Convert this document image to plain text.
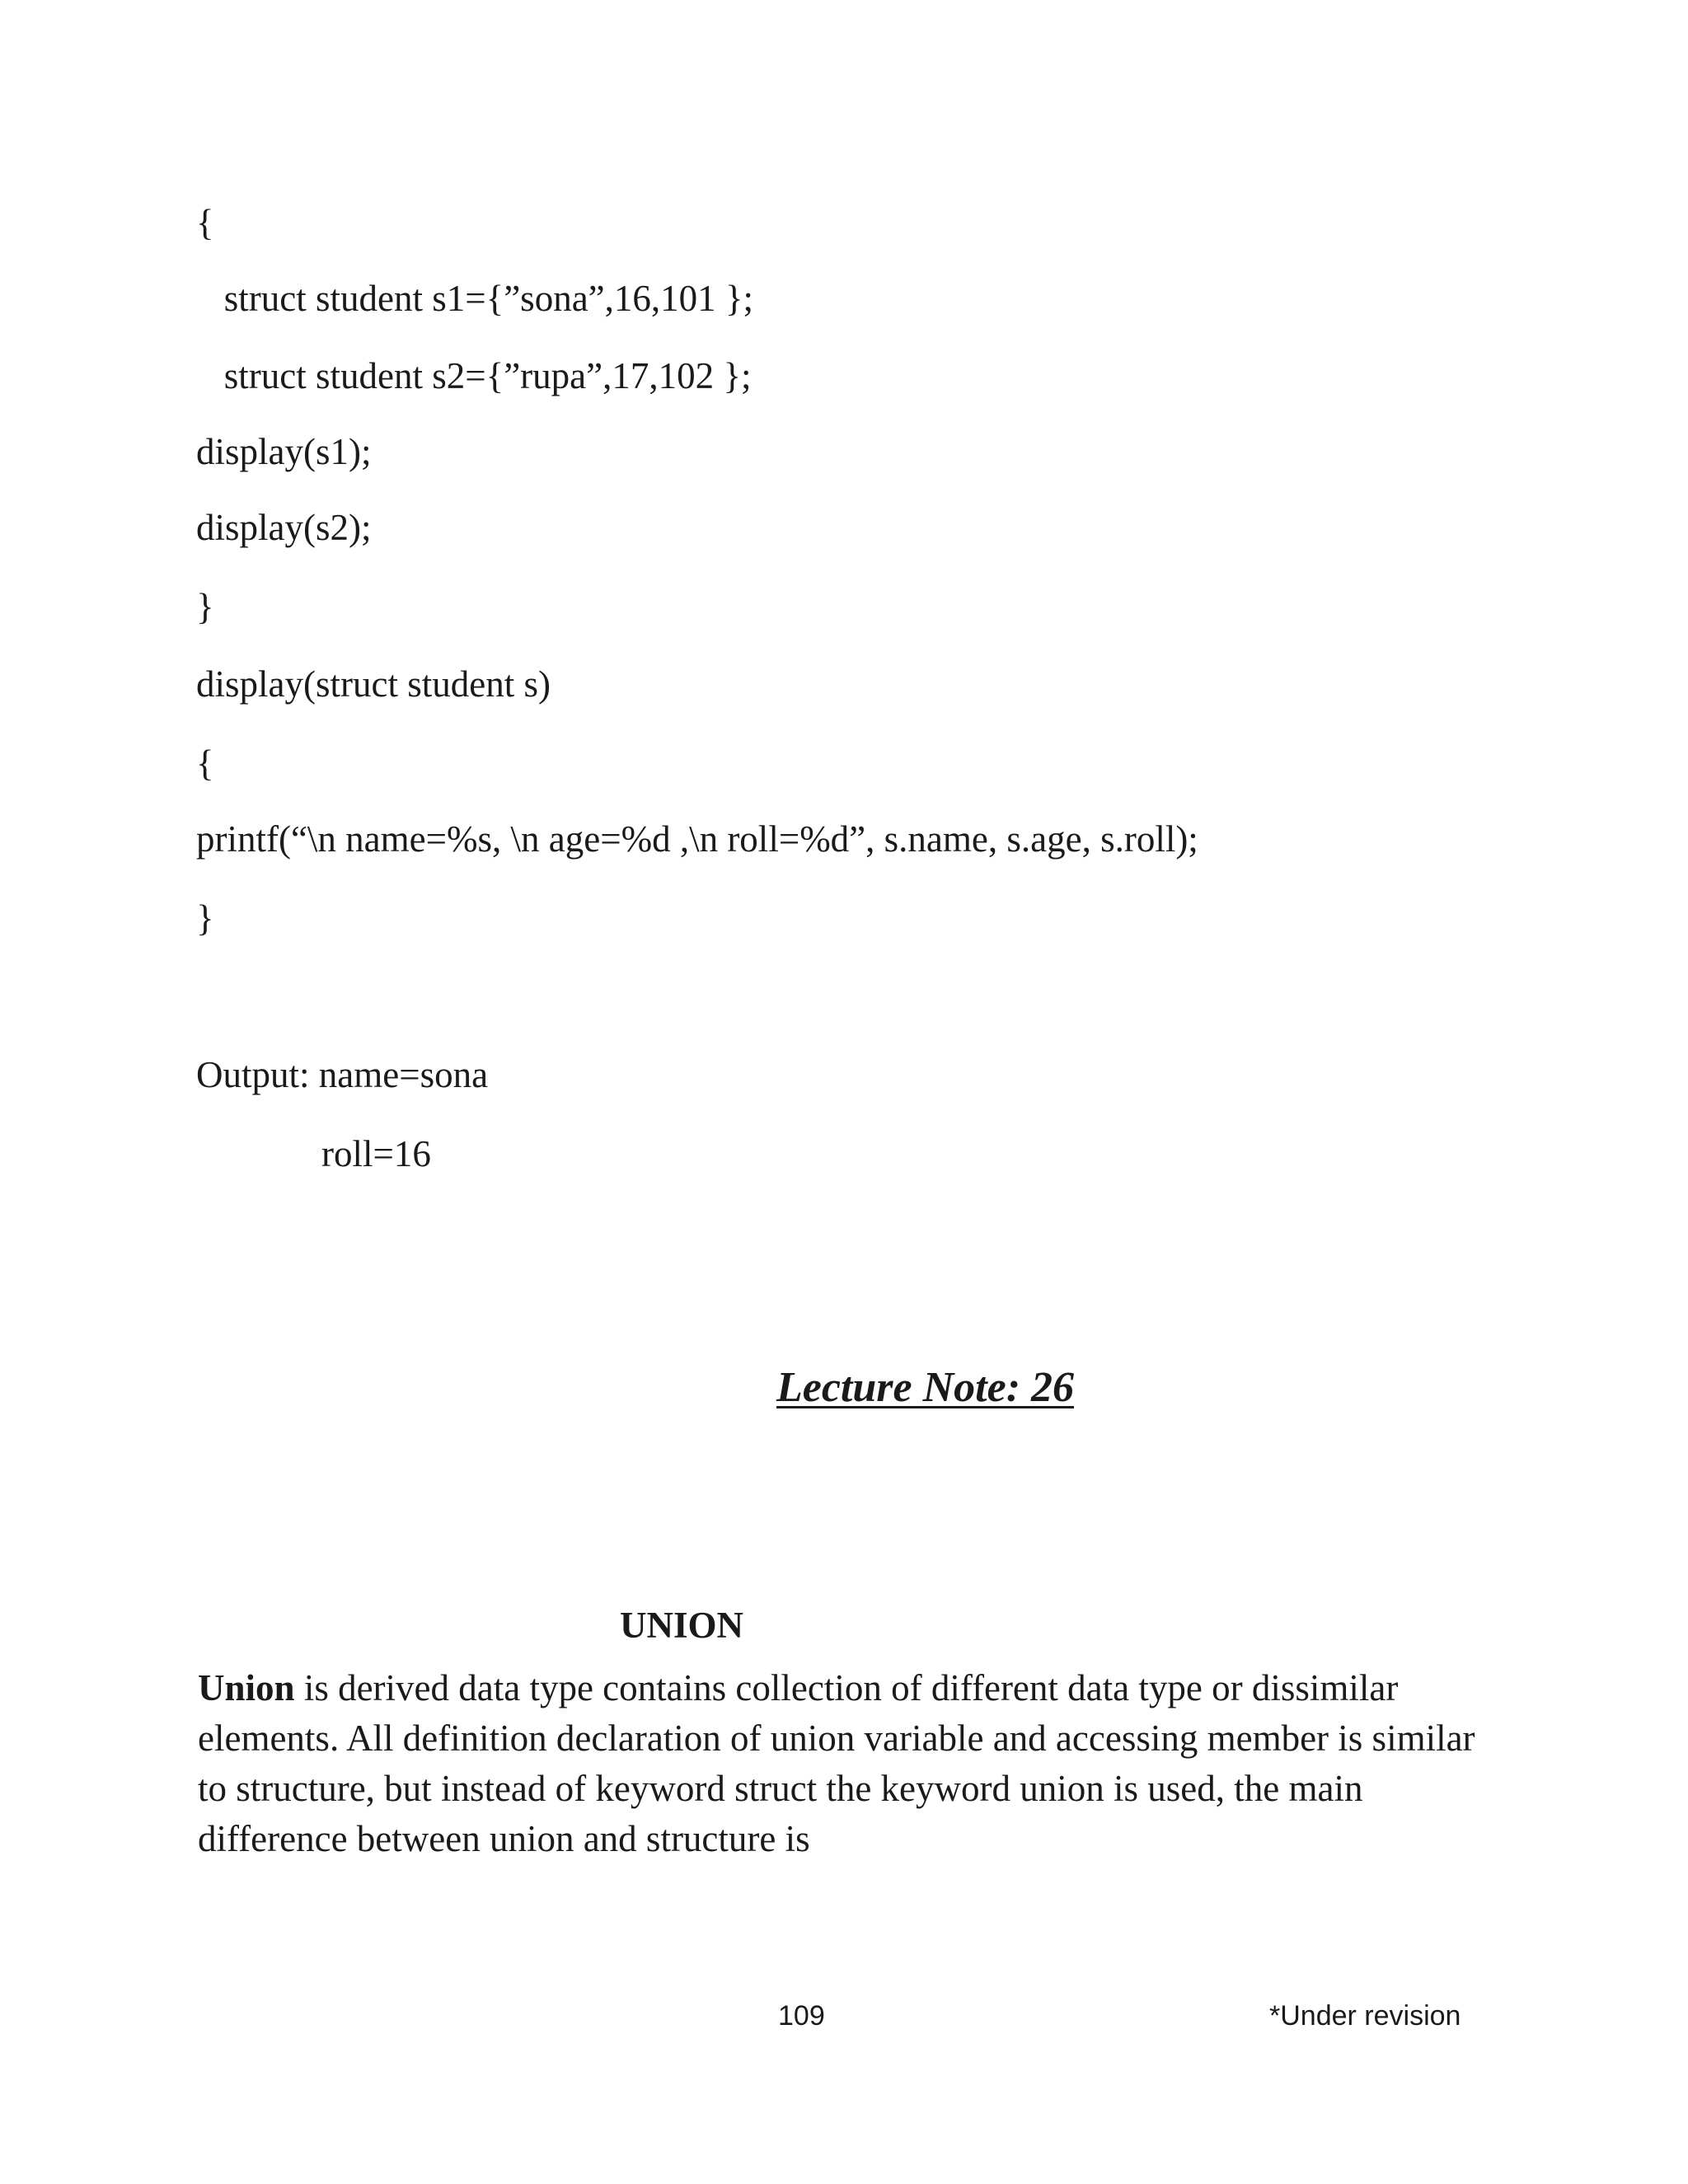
{
struct student s1={”sona”,16,101 };
struct student s2={”rupa”,17,102 };
display(s1);
display(s2);
}
display(struct student s)
{
printf(“\n name=%s, \n age=%d ,\n roll=%d”, s.name, s.age, s.roll);
}
Output: name=sona
roll=16
Lecture Note: 26
UNION

Union is derived data type contains collection of different data type or dissimilar elements. All definition declaration of union variable and accessing member is similar to structure, but instead of keyword struct the keyword union is used, the main difference between union and structure is

109	*Under revision
